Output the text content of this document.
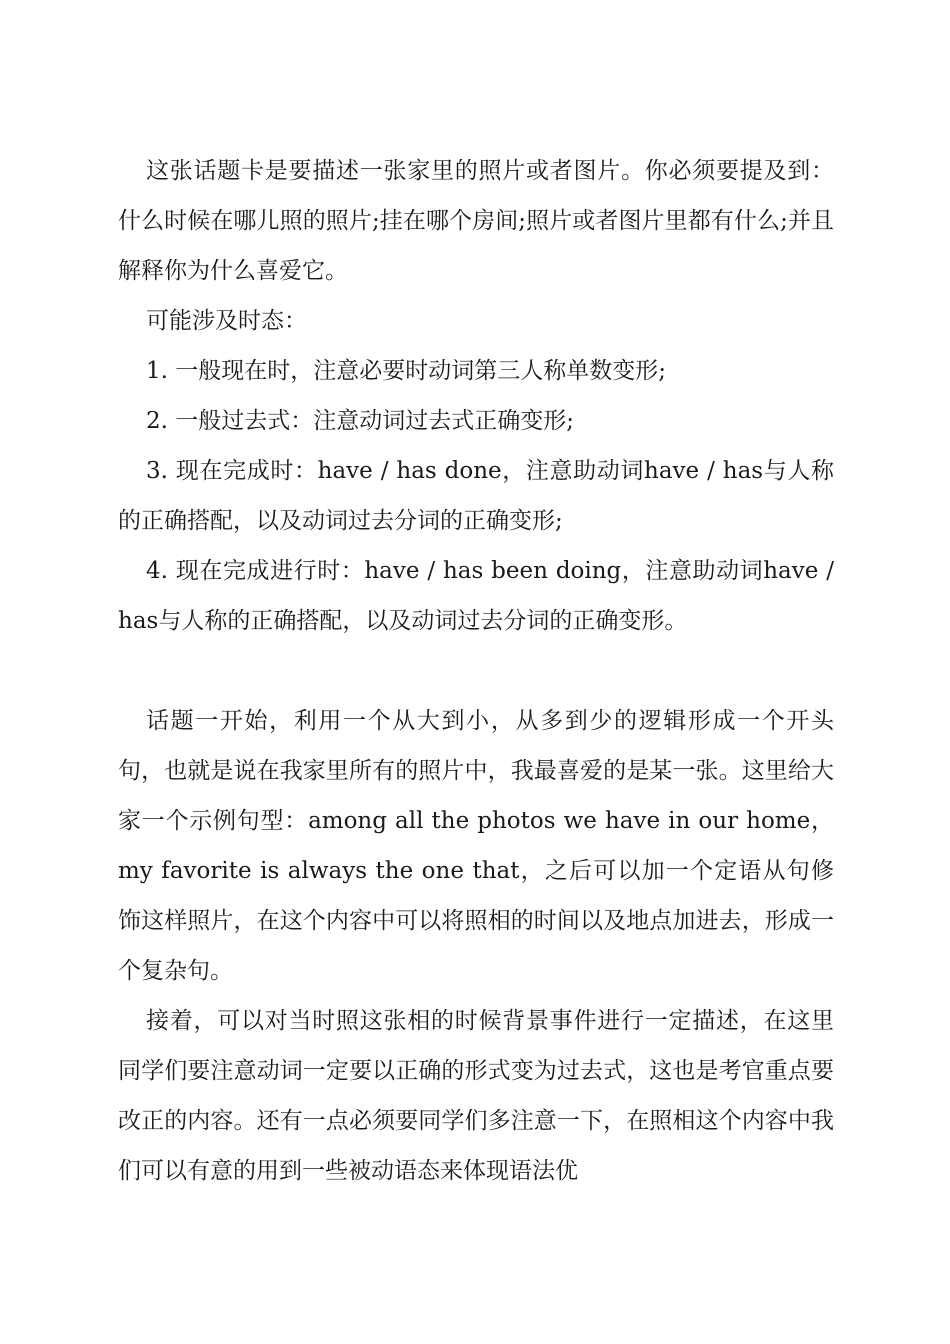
这张话题卡是要描述一张家里的照片或者图片。你必须要提及到：什么时候在哪儿照的照片;挂在哪个房间;照片或者图片里都有什么;并且解释你为什么喜爱它。

可能涉及时态：

1. 一般现在时，注意必要时动词第三人称单数变形;

2. 一般过去式：注意动词过去式正确变形;

3. 现在完成时：have / has done，注意助动词have / has与人称的正确搭配，以及动词过去分词的正确变形;

4. 现在完成进行时：have / has been doing，注意助动词have / has与人称的正确搭配，以及动词过去分词的正确变形。

话题一开始，利用一个从大到小，从多到少的逻辑形成一个开头句，也就是说在我家里所有的照片中，我最喜爱的是某一张。这里给大家一个示例句型：among all the photos we have in our home，my favorite is always the one that，之后可以加一个定语从句修饰这样照片，在这个内容中可以将照相的时间以及地点加进去，形成一个复杂句。

接着，可以对当时照这张相的时候背景事件进行一定描述，在这里同学们要注意动词一定要以正确的形式变为过去式，这也是考官重点要改正的内容。还有一点必须要同学们多注意一下，在照相这个内容中我们可以有意的用到一些被动语态来体现语法优
